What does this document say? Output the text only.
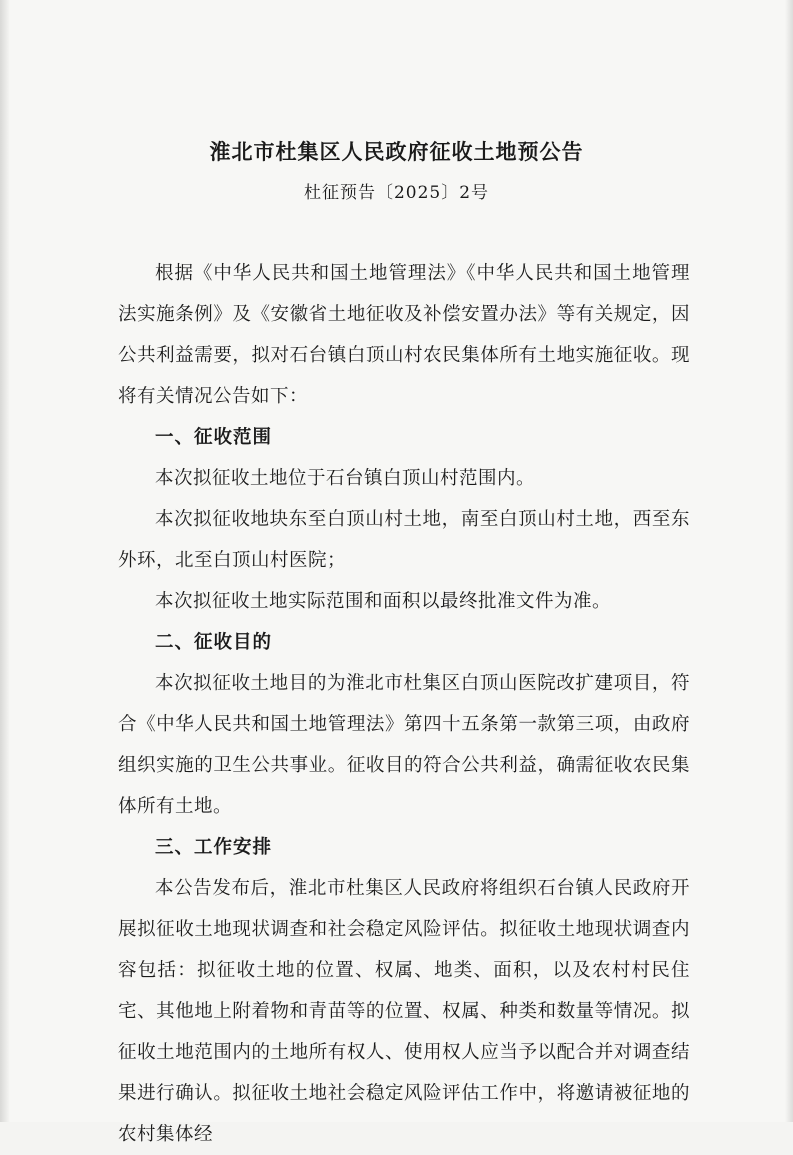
淮北市杜集区人民政府征收土地预公告
杜征预告〔2025〕2号

根据《中华人民共和国土地管理法》《中华人民共和国土地管理法实施条例》及《安徽省土地征收及补偿安置办法》等有关规定，因公共利益需要，拟对石台镇白顶山村农民集体所有土地实施征收。现将有关情况公告如下：

一、征收范围

本次拟征收土地位于石台镇白顶山村范围内。

本次拟征收地块东至白顶山村土地，南至白顶山村土地，西至东外环，北至白顶山村医院；

本次拟征收土地实际范围和面积以最终批准文件为准。

二、征收目的

本次拟征收土地目的为淮北市杜集区白顶山医院改扩建项目，符合《中华人民共和国土地管理法》第四十五条第一款第三项，由政府组织实施的卫生公共事业。征收目的符合公共利益，确需征收农民集体所有土地。

三、工作安排

本公告发布后，淮北市杜集区人民政府将组织石台镇人民政府开展拟征收土地现状调查和社会稳定风险评估。拟征收土地现状调查内容包括：拟征收土地的位置、权属、地类、面积，以及农村村民住宅、其他地上附着物和青苗等的位置、权属、种类和数量等情况。拟征收土地范围内的土地所有权人、使用权人应当予以配合并对调查结果进行确认。拟征收土地社会稳定风险评估工作中，将邀请被征地的农村集体经
